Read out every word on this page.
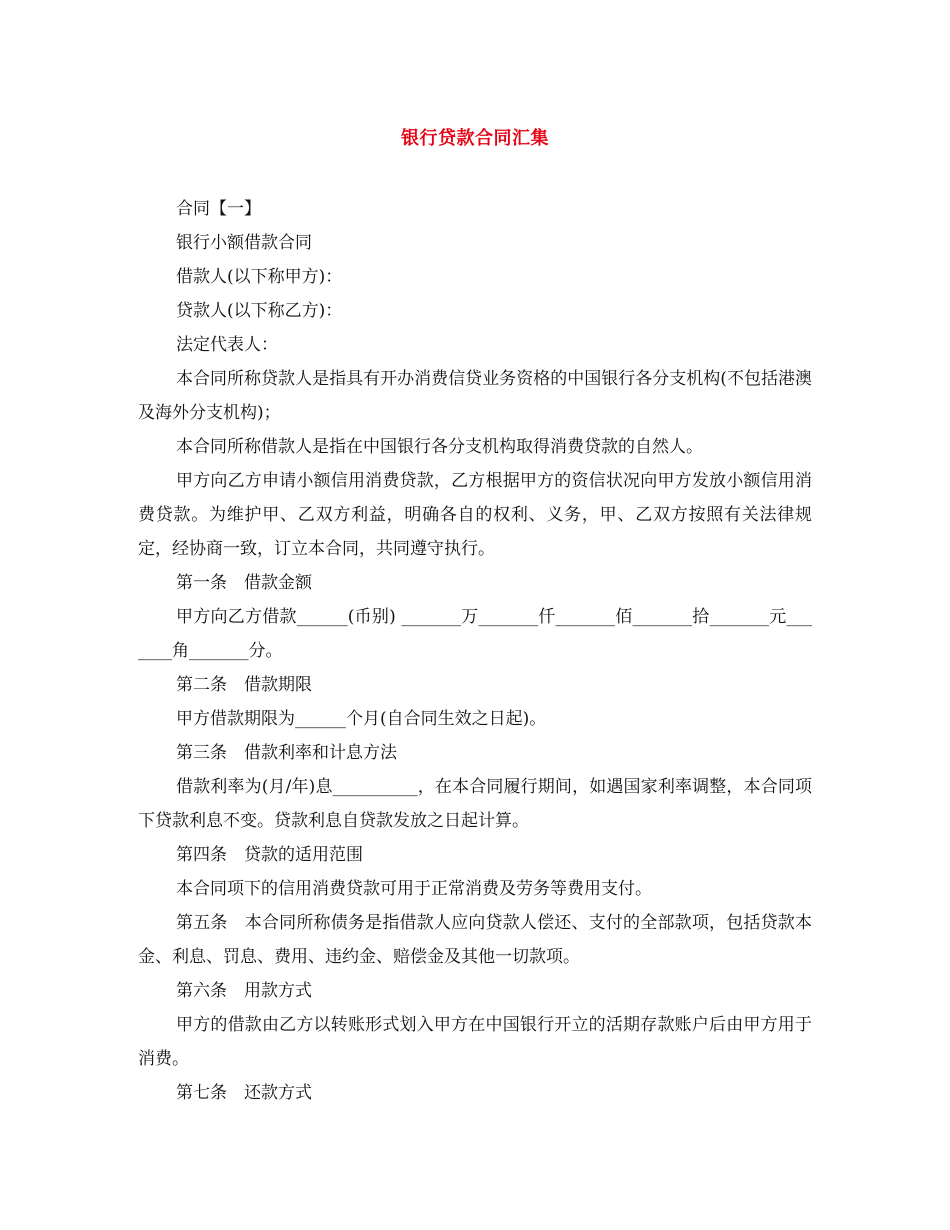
银行贷款合同汇集

合同【一】

银行小额借款合同

借款人(以下称甲方)：

贷款人(以下称乙方)：

法定代表人：

本合同所称贷款人是指具有开办消费信贷业务资格的中国银行各分支机构(不包括港澳及海外分支机构)；

本合同所称借款人是指在中国银行各分支机构取得消费贷款的自然人。

甲方向乙方申请小额信用消费贷款，乙方根据甲方的资信状况向甲方发放小额信用消费贷款。为维护甲、乙双方利益，明确各自的权利、义务，甲、乙双方按照有关法律规定，经协商一致，订立本合同，共同遵守执行。

第一条　借款金额

甲方向乙方借款______(币别) _______万_______仟_______佰_______拾_______元_______角_______分。

第二条　借款期限

甲方借款期限为______个月(自合同生效之日起)。

第三条　借款利率和计息方法

借款利率为(月/年)息__________，在本合同履行期间，如遇国家利率调整，本合同项下贷款利息不变。贷款利息自贷款发放之日起计算。

第四条　贷款的适用范围

本合同项下的信用消费贷款可用于正常消费及劳务等费用支付。

第五条　本合同所称债务是指借款人应向贷款人偿还、支付的全部款项，包括贷款本金、利息、罚息、费用、违约金、赔偿金及其他一切款项。

第六条　用款方式

甲方的借款由乙方以转账形式划入甲方在中国银行开立的活期存款账户后由甲方用于消费。

第七条　还款方式
